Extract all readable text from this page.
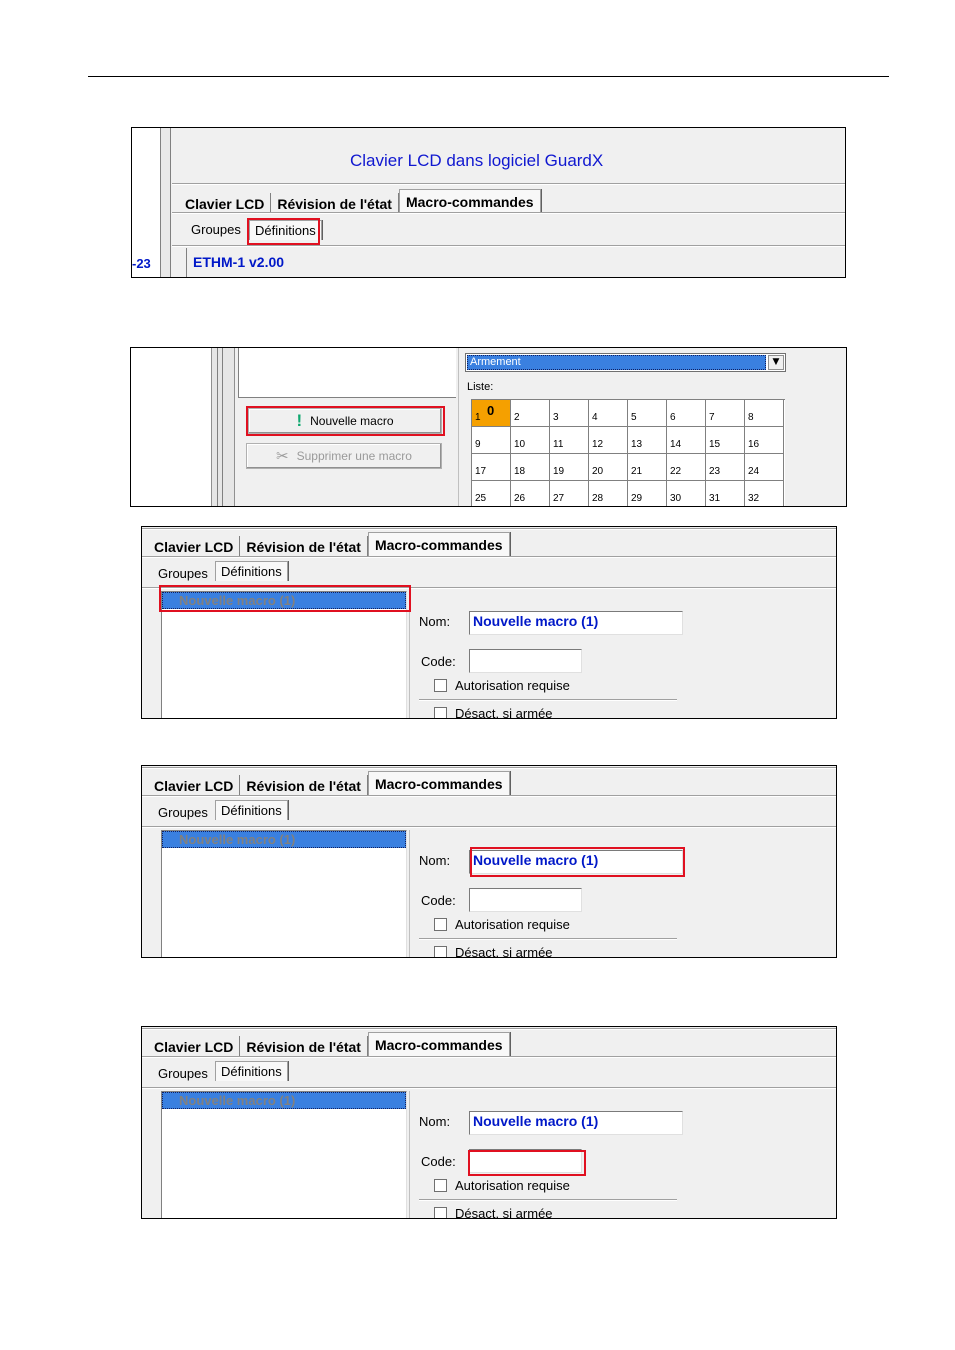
-23
Clavier LCD dans logiciel GuardX
Clavier LCD Révision de l'état	Macro-commandes
Groupes	Définitions
ETHM-1 v2.00
! Nouvelle macro
✂ Supprimer une macro
Armement	▼
Liste:
1 0	2	3	4	5	6	7	8
9	10	11	12	13	14	15	16
17	18	19	20	21	22	23	24
25	26	27	28	29	30	31	32
Clavier LCD Révision de l'état	Macro-commandes
Groupes	Définitions
Nouvelle macro (1)
Nom: Nouvelle macro (1)
Code:
Autorisation requise
Désact. si armée
Clavier LCD Révision de l'état	Macro-commandes
Groupes	Définitions
Nouvelle macro (1)
Nom: Nouvelle macro (1)
Code:
Autorisation requise
Désact. si armée
Clavier LCD Révision de l'état	Macro-commandes
Groupes	Définitions
Nouvelle macro (1)
Nom: Nouvelle macro (1)
Code:
Autorisation requise
Désact. si armée
